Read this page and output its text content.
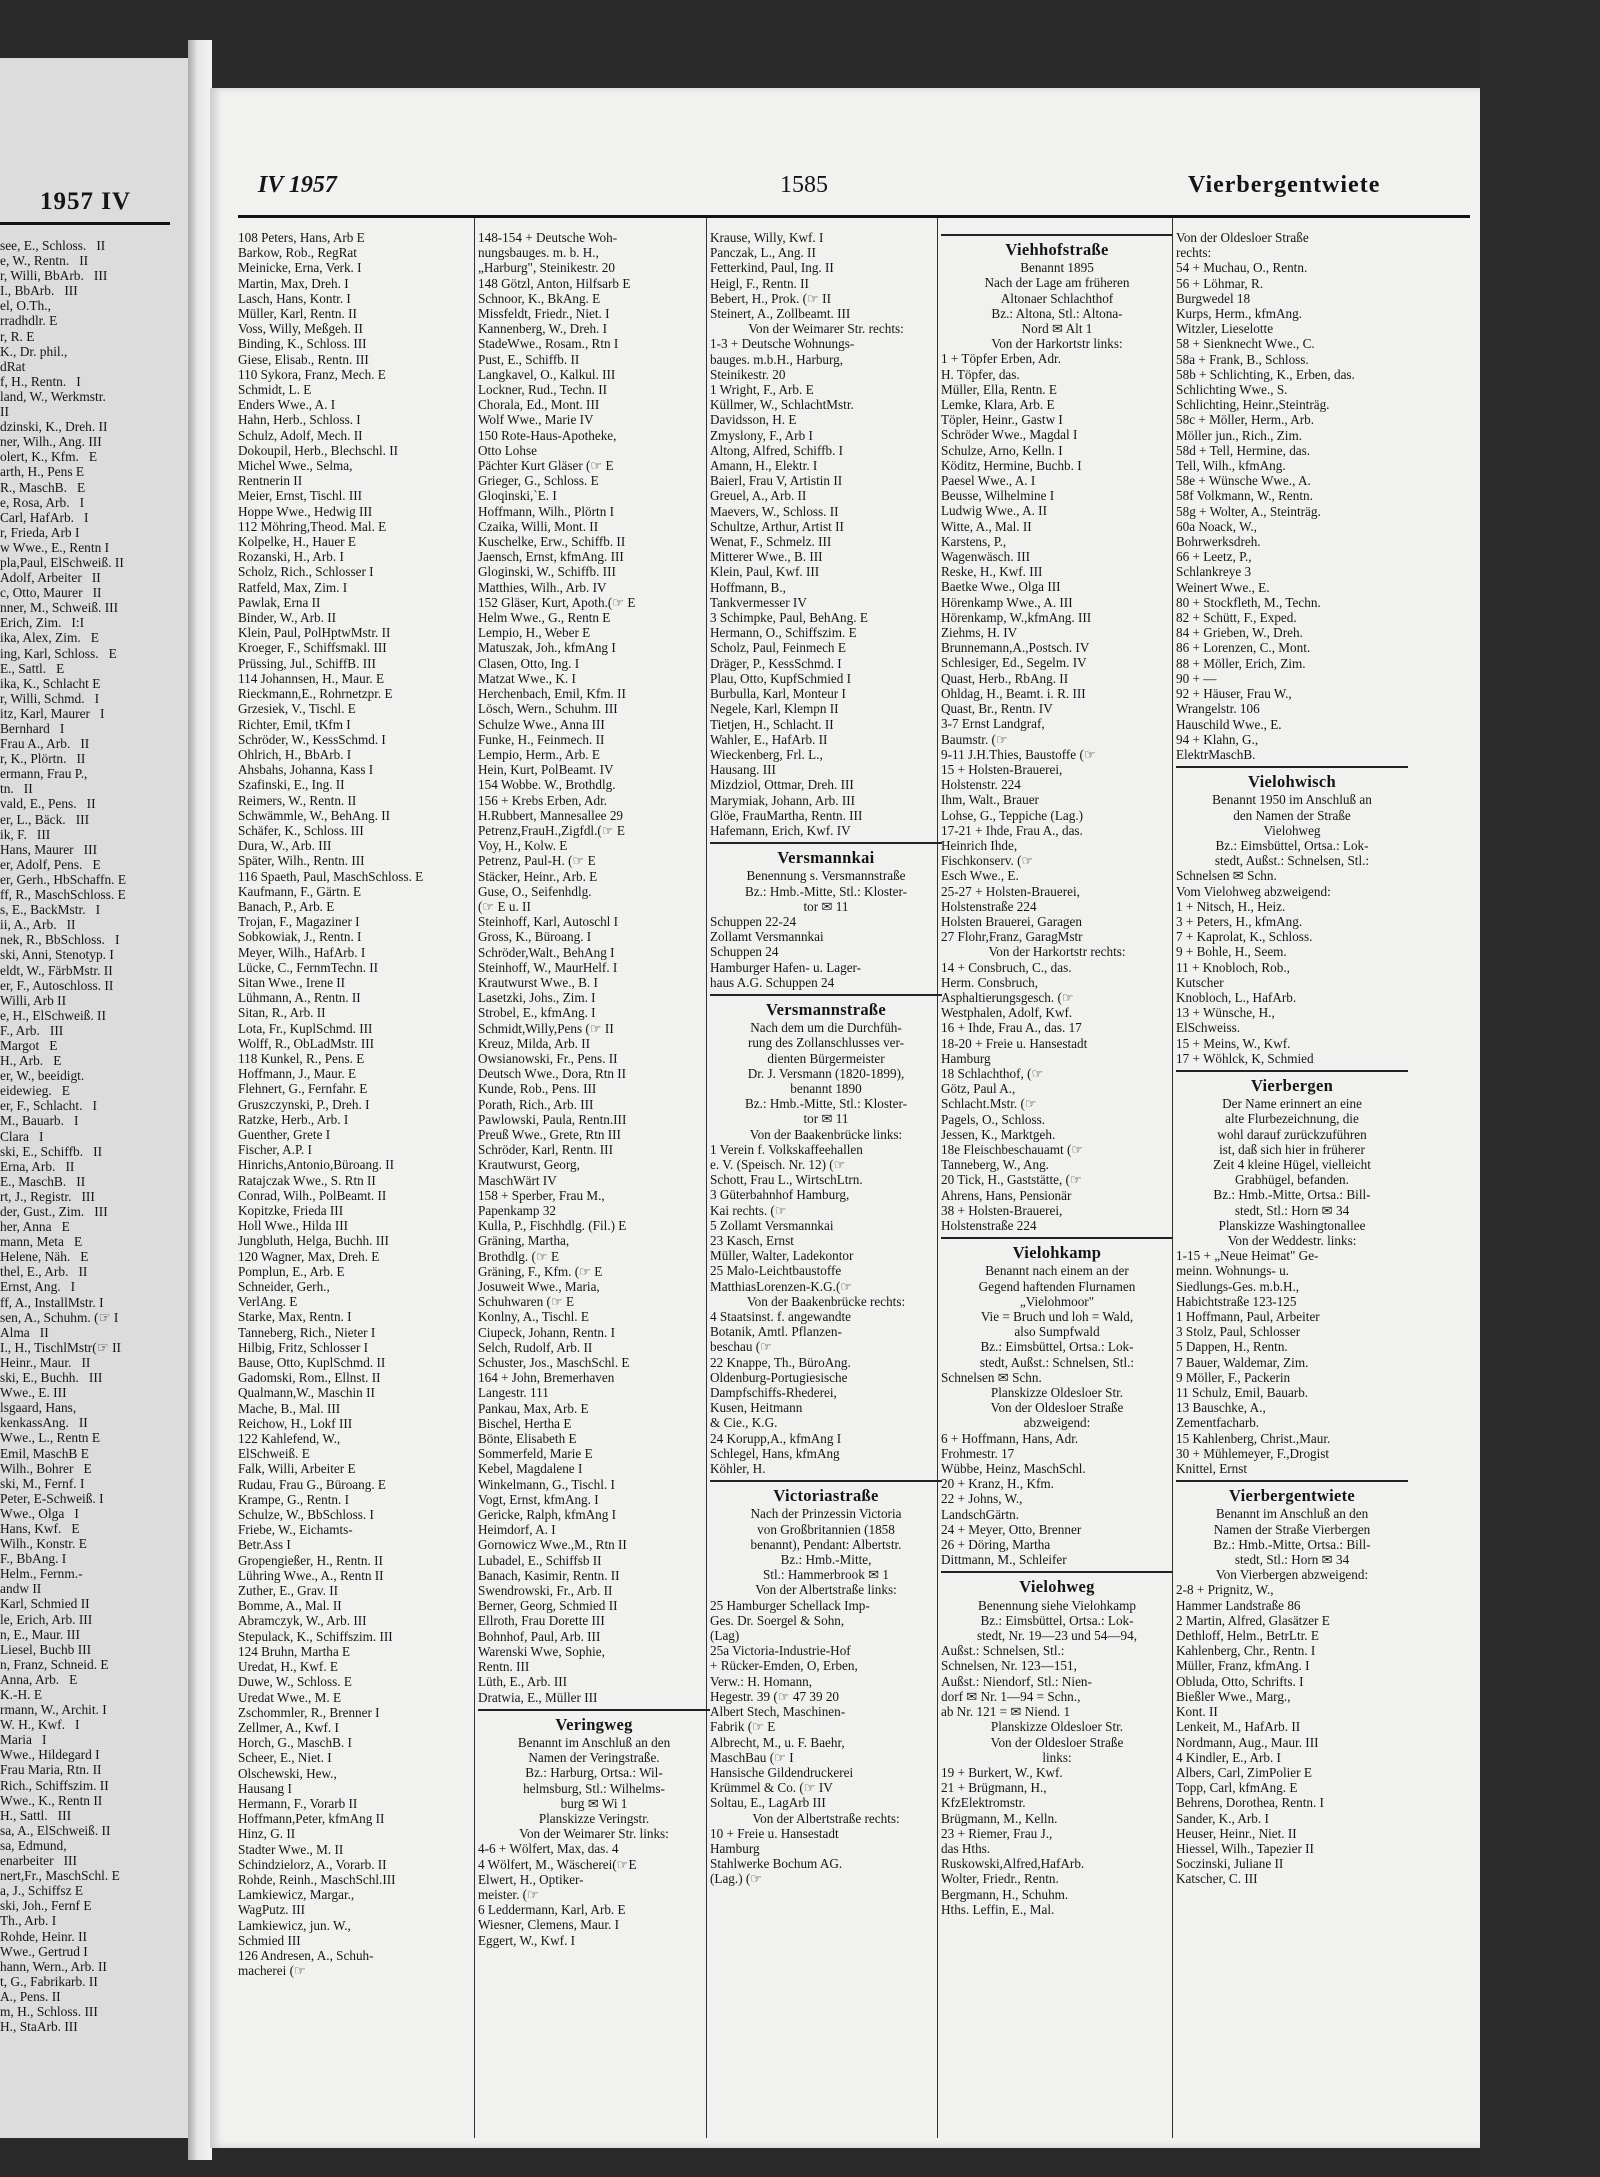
1957 IV
see, E., Schloss.   II
e, W., Rentn.   II
r, Willi, BbArb.   III
I., BbArb.   III
el, O.Th.,
rradhdlr. E
r, R. E
K., Dr. phil.,
dRat
f, H., Rentn.   I
land, W., Werkmstr.
II
dzinski, K., Dreh. II
ner, Wilh., Ang. III
olert, K., Kfm.   E
arth, H., Pens E
R., MaschB.   E
e, Rosa, Arb.   I
Carl, HafArb.   I
r, Frieda, Arb I
w Wwe., E., Rentn I
pla,Paul, ElSchweiß. II
Adolf, Arbeiter   II
c, Otto, Maurer   II
nner, M., Schweiß. III
Erich, Zim.   I:I
ika, Alex, Zim.   E
ing, Karl, Schloss.   E
E., Sattl.   E
ika, K., Schlacht E
r, Willi, Schmd.   I
itz, Karl, Maurer   I
Bernhard   I
Frau A., Arb.   II
r, K., Plörtn.   II
ermann, Frau P.,
tn.   II
vald, E., Pens.   II
er, L., Bäck.   III
ik, F.   III
Hans, Maurer   III
er, Adolf, Pens.   E
er, Gerh., HbSchaffn. E
ff, R., MaschSchloss. E
s, E., BackMstr.   I
ii, A., Arb.   II
nek, R., BbSchloss.   I
ski, Anni, Stenotyp. I
eldt, W., FärbMstr. II
er, F., Autoschloss. II
Willi, Arb II
e, H., ElSchweiß. II
F., Arb.   III
Margot   E
H., Arb.   E
er, W., beeidigt.
eidewieg.   E
er, F., Schlacht.   I
M., Bauarb.   I
Clara   I
ski, E., Schiffb.   II
Erna, Arb.   II
E., MaschB.   II
rt, J., Registr.   III
der, Gust., Zim.   III
her, Anna   E
mann, Meta   E
Helene, Näh.   E
thel, E., Arb.   II
Ernst, Ang.   I
ff, A., InstallMstr. I
sen, A., Schuhm. (☞ I
Alma   II
I., H., TischlMstr(☞ II
Heinr., Maur.   II
ski, E., Buchh.   III
Wwe., E. III
lsgaard, Hans,
kenkassAng.   II
Wwe., L., Rentn E
Emil, MaschB E
Wilh., Bohrer   E
ski, M., Fernf. I
Peter, E-Schweiß. I
Wwe., Olga   I
Hans, Kwf.   E
Wilh., Konstr. E
F., BbAng. I
Helm., Fernm.-
andw II
Karl, Schmied II
le, Erich, Arb. III
n, E., Maur. III
Liesel, Buchb III
n, Franz, Schneid. E
Anna, Arb.   E
K.-H. E
rmann, W., Archit. I
W. H., Kwf.   I
Maria   I
Wwe., Hildegard I
Frau Maria, Rtn. II
Rich., Schiffszim. II
Wwe., K., Rentn II
H., Sattl.   III
sa, A., ElSchweiß. II
sa, Edmund,
enarbeiter   III
nert,Fr., MaschSchl. E
a, J., Schiffsz E
ski, Joh., Fernf E
Th., Arb. I
Rohde, Heinr. II
Wwe., Gertrud I
hann, Wern., Arb. II
t, G., Fabrikarb. II
A., Pens. II
m, H., Schloss. III
H., StaArb. III
IV 1957	1585	Vierbergentwiete
108 Peters, Hans, Arb E
Barkow, Rob., RegRat
Meinicke, Erna, Verk. I
Martin, Max, Dreh. I
Lasch, Hans, Kontr. I
Müller, Karl, Rentn. II
Voss, Willy, Meßgeh. II
Binding, K., Schloss. III
Giese, Elisab., Rentn. III
110 Sykora, Franz, Mech. E
Schmidt, L. E
Enders Wwe., A. I
Hahn, Herb., Schloss. I
Schulz, Adolf, Mech. II
Dokoupil, Herb., Blechschl. II
Michel Wwe., Selma,
Rentnerin II
Meier, Ernst, Tischl. III
Hoppe Wwe., Hedwig III
112 Möhring,Theod. Mal. E
Kolpelke, H., Hauer E
Rozanski, H., Arb. I
Scholz, Rich., Schlosser I
Ratfeld, Max, Zim. I
Pawlak, Erna II
Binder, W., Arb. II
Klein, Paul, PolHptwMstr. II
Kroeger, F., Schiffsmakl. III
Prüssing, Jul., SchiffB. III
114 Johannsen, H., Maur. E
Rieckmann,E., Rohrnetzpr. E
Grzesiek, V., Tischl. E
Richter, Emil, tKfm I
Schröder, W., KessSchmd. I
Ohlrich, H., BbArb. I
Ahsbahs, Johanna, Kass I
Szafinski, E., Ing. II
Reimers, W., Rentn. II
Schwämmle, W., BehAng. II
Schäfer, K., Schloss. III
Dura, W., Arb. III
Später, Wilh., Rentn. III
116 Spaeth, Paul, MaschSchloss. E
Kaufmann, F., Gärtn. E
Banach, P., Arb. E
Trojan, F., Magaziner I
Sobkowiak, J., Rentn. I
Meyer, Wilh., HafArb. I
Lücke, C., FernmTechn. II
Sitan Wwe., Irene II
Lühmann, A., Rentn. II
Sitan, R., Arb. II
Lota, Fr., KuplSchmd. III
Wolff, R., ObLadMstr. III
118 Kunkel, R., Pens. E
Hoffmann, J., Maur. E
Flehnert, G., Fernfahr. E
Gruszczynski, P., Dreh. I
Ratzke, Herb., Arb. I
Guenther, Grete I
Fischer, A.P. I
Hinrichs,Antonio,Büroang. II
Ratajczak Wwe., S. Rtn II
Conrad, Wilh., PolBeamt. II
Kopitzke, Frieda III
Holl Wwe., Hilda III
Jungbluth, Helga, Buchh. III
120 Wagner, Max, Dreh. E
Pomplun, E., Arb. E
Schneider, Gerh.,
VerlAng. E
Starke, Max, Rentn. I
Tanneberg, Rich., Nieter I
Hilbig, Fritz, Schlosser I
Bause, Otto, KuplSchmd. II
Gadomski, Rom., Ellnst. II
Qualmann,W., Maschin II
Mache, B., Mal. III
Reichow, H., Lokf III
122 Kahlefend, W.,
ElSchweiß. E
Falk, Willi, Arbeiter E
Rudau, Frau G., Büroang. E
Krampe, G., Rentn. I
Schulze, W., BbSchloss. I
Friebe, W., Eichamts-
Betr.Ass I
Gropengießer, H., Rentn. II
Lühring Wwe., A., Rentn II
Zuther, E., Grav. II
Bomme, A., Mal. II
Abramczyk, W., Arb. III
Stepulack, K., Schiffszim. III
124 Bruhn, Martha E
Uredat, H., Kwf. E
Duwe, W., Schloss. E
Uredat Wwe., M. E
Zschommler, R., Brenner I
Zellmer, A., Kwf. I
Horch, G., MaschB. I
Scheer, E., Niet. I
Olschewski, Hew.,
Hausang I
Hermann, F., Vorarb II
Hoffmann,Peter, kfmAng II
Hinz, G. II
Stadter Wwe., M. II
Schindzielorz, A., Vorarb. II
Rohde, Reinh., MaschSchl.III
Lamkiewicz, Margar.,
WagPutz. III
Lamkiewicz, jun. W.,
Schmied III
126 Andresen, A., Schuh-
macherei (☞
148-154 + Deutsche Woh-
nungsbauges. m. b. H.,
„Harburg", Steinikestr. 20
148 Götzl, Anton, Hilfsarb E
Schnoor, K., BkAng. E
Missfeldt, Friedr., Niet. I
Kannenberg, W., Dreh. I
StadeWwe., Rosam., Rtn I
Pust, E., Schiffb. II
Langkavel, O., Kalkul. III
Lockner, Rud., Techn. II
Chorala, Ed., Mont. III
Wolf Wwe., Marie IV
150 Rote-Haus-Apotheke,
Otto Lohse
Pächter Kurt Gläser (☞ E
Grieger, G., Schloss. E
Gloqinski,`E. I
Hoffmann, Wilh., Plörtn I
Czaika, Willi, Mont. II
Kuschelke, Erw., Schiffb. II
Jaensch, Ernst, kfmAng. III
Gloginski, W., Schiffb. III
Matthies, Wilh., Arb. IV
152 Gläser, Kurt, Apoth.(☞ E
Helm Wwe., G., Rentn E
Lempio, H., Weber E
Matuszak, Joh., kfmAng I
Clasen, Otto, Ing. I
Matzat Wwe., K. I
Herchenbach, Emil, Kfm. II
Lösch, Wern., Schuhm. III
Schulze Wwe., Anna III
Funke, H., Feinmech. II
Lempio, Herm., Arb. E
Hein, Kurt, PolBeamt. IV
154 Wobbe. W., Brothdlg.
156 + Krebs Erben, Adr.
H.Rubbert, Mannesallee 29
Petrenz,FrauH.,Zigfdl.(☞ E
Voy, H., Kolw. E
Petrenz, Paul-H. (☞ E
Stäcker, Heinr., Arb. E
Guse, O., Seifenhdlg.
(☞ E u. II
Steinhoff, Karl, Autoschl I
Gross, K., Büroang. I
Schröder,Walt., BehAng I
Steinhoff, W., MaurHelf. I
Krautwurst Wwe., B. I
Lasetzki, Johs., Zim. I
Strobel, E., kfmAng. I
Schmidt,Willy,Pens (☞ II
Kreuz, Milda, Arb. II
Owsianowski, Fr., Pens. II
Deutsch Wwe., Dora, Rtn II
Kunde, Rob., Pens. III
Porath, Rich., Arb. III
Pawlowski, Paula, Rentn.III
Preuß Wwe., Grete, Rtn III
Schröder, Karl, Rentn. III
Krautwurst, Georg,
MaschWärt IV
158 + Sperber, Frau M.,
Papenkamp 32
Kulla, P., Fischhdlg. (Fil.) E
Gräning, Martha,
Brothdlg. (☞ E
Gräning, F., Kfm. (☞ E
Josuweit Wwe., Maria,
Schuhwaren (☞ E
Konlny, A., Tischl. E
Ciupeck, Johann, Rentn. I
Selch, Rudolf, Arb. II
Schuster, Jos., MaschSchl. E
164 + John, Bremerhaven
Langestr. 111
Pankau, Max, Arb. E
Bischel, Hertha E
Bönte, Elisabeth E
Sommerfeld, Marie E
Kebel, Magdalene I
Winkelmann, G., Tischl. I
Vogt, Ernst, kfmAng. I
Gericke, Ralph, kfmAng I
Heimdorf, A. I
Gornowicz Wwe.,M., Rtn II
Lubadel, E., Schiffsb II
Banach, Kasimir, Rentn. II
Swendrowski, Fr., Arb. II
Berner, Georg, Schmied II
Ellroth, Frau Dorette III
Bohnhof, Paul, Arb. III
Warenski Wwe, Sophie,
Rentn. III
Lüth, E., Arb. III
Dratwia, E., Müller III
Veringweg
Benannt im Anschluß an den
Namen der Veringstraße.
Bz.: Harburg, Ortsa.: Wil-
helmsburg, Stl.: Wilhelms-
burg ✉ Wi 1
Planskizze Veringstr.
Von der Weimarer Str. links:
4-6 + Wölfert, Max, das. 4
4 Wölfert, M., Wäscherei(☞E
Elwert, H., Optiker-
meister. (☞
6 Leddermann, Karl, Arb. E
Wiesner, Clemens, Maur. I
Eggert, W., Kwf. I
Krause, Willy, Kwf. I
Panczak, L., Ang. II
Fetterkind, Paul, Ing. II
Heigl, F., Rentn. II
Bebert, H., Prok. (☞ II
Steinert, A., Zollbeamt. III
Von der Weimarer Str. rechts:
1-3 + Deutsche Wohnungs-
bauges. m.b.H., Harburg,
Steinikestr. 20
1 Wright, F., Arb. E
Küllmer, W., SchlachtMstr.
Davidsson, H. E
Zmyslony, F., Arb I
Altong, Alfred, Schiffb. I
Amann, H., Elektr. I
Baierl, Frau V, Artistin II
Greuel, A., Arb. II
Maevers, W., Schloss. II
Schultze, Arthur, Artist II
Wenat, F., Schmelz. III
Mitterer Wwe., B. III
Klein, Paul, Kwf. III
Hoffmann, B.,
Tankvermesser IV
3 Schimpke, Paul, BehAng. E
Hermann, O., Schiffszim. E
Scholz, Paul, Feinmech E
Dräger, P., KessSchmd. I
Plau, Otto, KupfSchmied I
Burbulla, Karl, Monteur I
Negele, Karl, Klempn II
Tietjen, H., Schlacht. II
Wahler, E., HafArb. II
Wieckenberg, Frl. L.,
Hausang. III
Mizdziol, Ottmar, Dreh. III
Marymiak, Johann, Arb. III
Glöe, FrauMartha, Rentn. III
Hafemann, Erich, Kwf. IV
Versmannkai
Benennung s. Versmannstraße
Bz.: Hmb.-Mitte, Stl.: Kloster-
tor ✉ 11
Schuppen 22-24
Zollamt Versmannkai
Schuppen 24
Hamburger Hafen- u. Lager-
haus A.G. Schuppen 24
Versmannstraße
Nach dem um die Durchfüh-
rung des Zollanschlusses ver-
dienten Bürgermeister
Dr. J. Versmann (1820-1899),
benannt 1890
Bz.: Hmb.-Mitte, Stl.: Kloster-
tor ✉ 11
Von der Baakenbrücke links:
1 Verein f. Volkskaffeehallen
e. V. (Speisch. Nr. 12) (☞
Schott, Frau L., WirtschLtrn.
3 Güterbahnhof Hamburg,
Kai rechts. (☞
5 Zollamt Versmannkai
23 Kasch, Ernst
Müller, Walter, Ladekontor
25 Malo-Leichtbaustoffe
MatthiasLorenzen-K.G.(☞
Von der Baakenbrücke rechts:
4 Staatsinst. f. angewandte
Botanik, Amtl. Pflanzen-
beschau (☞
22 Knappe, Th., BüroAng.
Oldenburg-Portugiesische
Dampfschiffs-Rhederei,
Kusen, Heitmann
& Cie., K.G.
24 Korupp,A., kfmAng I
Schlegel, Hans, kfmAng
Köhler, H.
Victoriastraße
Nach der Prinzessin Victoria
von Großbritannien (1858
benannt), Pendant: Albertstr.
Bz.: Hmb.-Mitte,
Stl.: Hammerbrook ✉ 1
Von der Albertstraße links:
25 Hamburger Schellack Imp-
Ges. Dr. Soergel & Sohn,
(Lag)
25a Victoria-Industrie-Hof
+ Rücker-Emden, O, Erben,
Verw.: H. Homann,
Hegestr. 39 (☞ 47 39 20
Albert Stech, Maschinen-
Fabrik (☞ E
Albrecht, M., u. F. Baehr,
MaschBau (☞ I
Hansische Gildendruckerei
Krümmel & Co. (☞ IV
Soltau, E., LagArb III
Von der Albertstraße rechts:
10 + Freie u. Hansestadt
Hamburg
Stahlwerke Bochum AG.
(Lag.) (☞
Viehhofstraße
Benannt 1895
Nach der Lage am früheren
Altonaer Schlachthof
Bz.: Altona, Stl.: Altona-
Nord ✉ Alt 1
Von der Harkortstr links:
1 + Töpfer Erben, Adr.
H. Töpfer, das.
Müller, Ella, Rentn. E
Lemke, Klara, Arb. E
Töpler, Heinr., Gastw I
Schröder Wwe., Magdal I
Schulze, Arno, Kelln. I
Köditz, Hermine, Buchb. I
Paesel Wwe., A. I
Beusse, Wilhelmine I
Ludwig Wwe., A. II
Witte, A., Mal. II
Karstens, P.,
Wagenwäsch. III
Reske, H., Kwf. III
Baetke Wwe., Olga III
Hörenkamp Wwe., A. III
Hörenkamp, W.,kfmAng. III
Ziehms, H. IV
Brunnemann,A.,Postsch. IV
Schlesiger, Ed., Segelm. IV
Quast, Herb., RbAng. II
Ohldag, H., Beamt. i. R. III
Quast, Br., Rentn. IV
3-7 Ernst Landgraf,
Baumstr. (☞
9-11 J.H.Thies, Baustoffe (☞
15 + Holsten-Brauerei,
Holstenstr. 224
Ihm, Walt., Brauer
Lohse, G., Teppiche (Lag.)
17-21 + Ihde, Frau A., das.
Heinrich Ihde,
Fischkonserv. (☞
Esch Wwe., E.
25-27 + Holsten-Brauerei,
Holstenstraße 224
Holsten Brauerei, Garagen
27 Flohr,Franz, GaragMstr
Von der Harkortstr rechts:
14 + Consbruch, C., das.
Herm. Consbruch,
Asphaltierungsgesch. (☞
Westphalen, Adolf, Kwf.
16 + Ihde, Frau A., das. 17
18-20 + Freie u. Hansestadt
Hamburg
18 Schlachthof, (☞
Götz, Paul A.,
Schlacht.Mstr. (☞
Pagels, O., Schloss.
Jessen, K., Marktgeh.
18e Fleischbeschauamt (☞
Tanneberg, W., Ang.
20 Tick, H., Gaststätte, (☞
Ahrens, Hans, Pensionär
38 + Holsten-Brauerei,
Holstenstraße 224
Vielohkamp
Benannt nach einem an der
Gegend haftenden Flurnamen
„Vielohmoor"
Vie = Bruch und loh = Wald,
also Sumpfwald
Bz.: Eimsbüttel, Ortsa.: Lok-
stedt, Außst.: Schnelsen, Stl.:
Schnelsen ✉ Schn.
Planskizze Oldesloer Str.
Von der Oldesloer Straße
abzweigend:
6 + Hoffmann, Hans, Adr.
Frohmestr. 17
Wübbe, Heinz, MaschSchl.
20 + Kranz, H., Kfm.
22 + Johns, W.,
LandschGärtn.
24 + Meyer, Otto, Brenner
26 + Döring, Martha
Dittmann, M., Schleifer
Vielohweg
Benennung siehe Vielohkamp
Bz.: Eimsbüttel, Ortsa.: Lok-
stedt, Nr. 19—23 und 54—94,
Außst.: Schnelsen, Stl.:
Schnelsen, Nr. 123—151,
Außst.: Niendorf, Stl.: Nien-
dorf ✉ Nr. 1—94 = Schn.,
ab Nr. 121 = ✉ Niend. 1
Planskizze Oldesloer Str.
Von der Oldesloer Straße
links:
19 + Burkert, W., Kwf.
21 + Brügmann, H.,
KfzElektromstr.
Brügmann, M., Kelln.
23 + Riemer, Frau J.,
das Hths.
Ruskowski,Alfred,HafArb.
Wolter, Friedr., Rentn.
Bergmann, H., Schuhm.
Hths. Leffin, E., Mal.
Von der Oldesloer Straße
rechts:
54 + Muchau, O., Rentn.
56 + Löhmar, R.
Burgwedel 18
Kurps, Herm., kfmAng.
Witzler, Lieselotte
58 + Sienknecht Wwe., C.
58a + Frank, B., Schloss.
58b + Schlichting, K., Erben, das.
Schlichting Wwe., S.
Schlichting, Heinr.,Steinträg.
58c + Möller, Herm., Arb.
Möller jun., Rich., Zim.
58d + Tell, Hermine, das.
Tell, Wilh., kfmAng.
58e + Wünsche Wwe., A.
58f Volkmann, W., Rentn.
58g + Wolter, A., Steinträg.
60a Noack, W.,
Bohrwerksdreh.
66 + Leetz, P.,
Schlankreye 3
Weinert Wwe., E.
80 + Stockfleth, M., Techn.
82 + Schütt, F., Exped.
84 + Grieben, W., Dreh.
86 + Lorenzen, C., Mont.
88 + Möller, Erich, Zim.
90 + —
92 + Häuser, Frau W.,
Wrangelstr. 106
Hauschild Wwe., E.
94 + Klahn, G.,
ElektrMaschB.
Vielohwisch
Benannt 1950 im Anschluß an
den Namen der Straße
Vielohweg
Bz.: Eimsbüttel, Ortsa.: Lok-
stedt, Außst.: Schnelsen, Stl.:
Schnelsen ✉ Schn.
Vom Vielohweg abzweigend:
1 + Nitsch, H., Heiz.
3 + Peters, H., kfmAng.
7 + Kaprolat, K., Schloss.
9 + Bohle, H., Seem.
11 + Knobloch, Rob.,
Kutscher
Knobloch, L., HafArb.
13 + Wünsche, H.,
ElSchweiss.
15 + Meins, W., Kwf.
17 + Wöhlck, K, Schmied
Vierbergen
Der Name erinnert an eine
alte Flurbezeichnung, die
wohl darauf zurückzuführen
ist, daß sich hier in früherer
Zeit 4 kleine Hügel, vielleicht
Grabhügel, befanden.
Bz.: Hmb.-Mitte, Ortsa.: Bill-
stedt, Stl.: Horn ✉ 34
Planskizze Washingtonallee
Von der Weddestr. links:
1-15 + „Neue Heimat" Ge-
meinn. Wohnungs- u.
Siedlungs-Ges. m.b.H.,
Habichtstraße 123-125
1 Hoffmann, Paul, Arbeiter
3 Stolz, Paul, Schlosser
5 Dappen, H., Rentn.
7 Bauer, Waldemar, Zim.
9 Möller, F., Packerin
11 Schulz, Emil, Bauarb.
13 Bauschke, A.,
Zementfacharb.
15 Kahlenberg, Christ.,Maur.
30 + Mühlemeyer, F.,Drogist
Knittel, Ernst
Vierbergentwiete
Benannt im Anschluß an den
Namen der Straße Vierbergen
Bz.: Hmb.-Mitte, Ortsa.: Bill-
stedt, Stl.: Horn ✉ 34
Von Vierbergen abzweigend:
2-8 + Prignitz, W.,
Hammer Landstraße 86
2 Martin, Alfred, Glasätzer E
Dethloff, Helm., BetrLtr. E
Kahlenberg, Chr., Rentn. I
Müller, Franz, kfmAng. I
Obluda, Otto, Schrifts. I
Bießler Wwe., Marg.,
Kont. II
Lenkeit, M., HafArb. II
Nordmann, Aug., Maur. III
4 Kindler, E., Arb. I
Albers, Carl, ZimPolier E
Topp, Carl, kfmAng. E
Behrens, Dorothea, Rentn. I
Sander, K., Arb. I
Heuser, Heinr., Niet. II
Hiessel, Wilh., Tapezier II
Soczinski, Juliane II
Katscher, C. III
